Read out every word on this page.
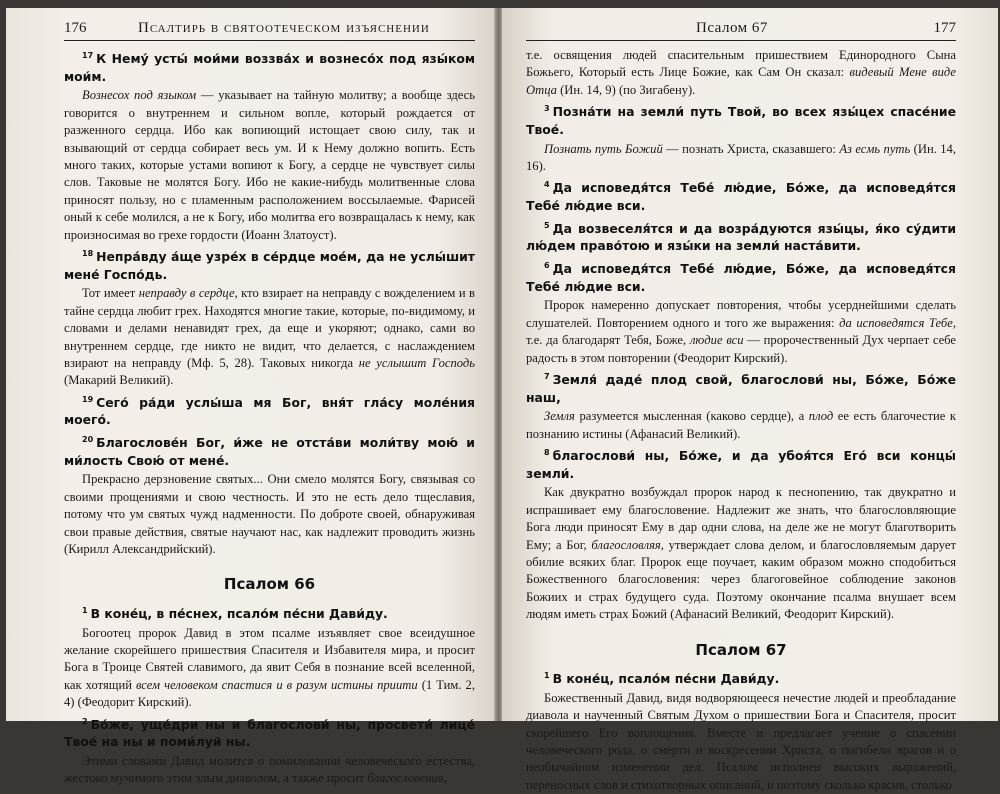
176	Псалтирь в святоотеческом изъяснении
$^{17}$ К Нему́ усты́ мои́ми воззва́х и вознесо́х под язы́ком мои́м.
Вознесох под языком — указывает на тайную молитву; а вообще здесь говорится о внутреннем и сильном вопле, который рождается от разженного сердца. Ибо как вопиющий истощает свою силу, так и взывающий от сердца собирает весь ум. И к Нему должно вопить. Есть много таких, которые устами вопиют к Богу, а сердце не чувствует силы слов. Таковые не молятся Богу. Ибо не какие-нибудь молитвенные слова приносят пользу, но с пламенным расположением воссылаемые. Фарисей оный к себе молился, а не к Богу, ибо молитва его возвращалась к нему, как произносимая во грехе гордости (Иоанн Златоуст).
$^{18}$ Непра́вду а́ще узре́х в се́рдце мое́м, да не услы́шит мене́ Госпо́дь.
Тот имеет неправду в сердце, кто взирает на неправду с вожделением и в тайне сердца любит грех. Находятся многие такие, которые, по-видимому, и словами и делами ненавидят грех, да еще и укоряют; однако, сами во внутреннем сердце, где никто не видит, что делается, с наслаждением взирают на неправду (Мф. 5, 28). Таковых никогда не услышит Господь (Макарий Великий).
$^{19}$ Сего́ ра́ди услы́ша мя Бог, вня́т гла́су моле́ния моего́.
$^{20}$ Благослове́н Бог, и́же не отста́ви моли́тву мою́ и ми́лость Свою́ от мене́.
Прекрасно дерзновение святых... Они смело молятся Богу, связывая со своими прощениями и свою честность. И это не есть дело тщеславия, потому что ум святых чужд надменности. По доброте своей, обнаруживая свои правые действия, святые научают нас, как надлежит проводить жизнь (Кирилл Александрийский).
Псалом 66
$^1$ В коне́ц, в пе́снех, псало́м пе́сни Дави́ду.
Богоотец пророк Давид в этом псалме изъявляет свое всеидушное желание скорейшего пришествия Спасителя и Избавителя мира, и просит Бога в Троице Святей славимого, да явит Себя в познание всей вселенной, как хотящий всем человеком спастися и в разум истины приити (1 Тим. 2, 4) (Феодорит Кирский).
$^2$ Бо́же, уще́дри ны и благослови́ ны, просвети́ лице́ Твое́ на ны и поми́луй ны.
Этими словами Давид молится о помиловании человеческого естества, жестоко мучимого этим злым диаволом, а также просит благословения,
Псалом 67	177
т.е. освящения людей спасительным пришествием Единородного Сына Божьего, Который есть Лице Божие, как Сам Он сказал: видевый Мене виде Отца (Ин. 14, 9) (по Зигабену).
$^3$ Позна́ти на земли́ путь Твой, во всех язы́цех спасе́ние Твое́.
Познать путь Божий — познать Христа, сказавшего: Аз есмь путь (Ин. 14, 16).
$^4$ Да исповедя́тся Тебе́ лю́дие, Бо́же, да исповедя́тся Тебе́ лю́дие вси.
$^5$ Да возвеселя́тся и да возра́дуются язы́цы, я́ко су́дити лю́дем право́тою и язы́ки на земли́ наста́вити.
$^6$ Да исповедя́тся Тебе́ лю́дие, Бо́же, да исповедя́тся Тебе́ лю́дие вси.
Пророк намеренно допускает повторения, чтобы усерднейшими сделать слушателей. Повторением одного и того же выражения: да исповедятся Тебе, т.е. да благодарят Тебя, Боже, людие вси — пророчественный Дух черпает себе радость в этом повторении (Феодорит Кирский).
$^7$ Земля́ даде́ плод свой, благослови́ ны, Бо́же, Бо́же наш,
Земля разумеется мысленная (каково сердце), а плод ее есть благочестие к познанию истины (Афанасий Великий).
$^8$ благослови́ ны, Бо́же, и да убоя́тся Его́ вси концы́ земли́.
Как двукратно возбуждал пророк народ к песнопению, так двукратно и испрашивает ему благословение. Надлежит же знать, что благословляющие Бога люди приносят Ему в дар одни слова, на деле же не могут благотворить Ему; а Бог, благословляя, утверждает слова делом, и благословляемым дарует обилие всяких благ. Пророк еще поучает, каким образом можно сподобиться Божественного благословения: через благоговейное соблюдение законов Божиих и страх будущего суда. Поэтому окончание псалма внушает всем людям иметь страх Божий (Афанасий Великий, Феодорит Кирский).
Псалом 67
$^1$ В коне́ц, псало́м пе́сни Дави́ду.
Божественный Давид, видя водворяющееся нечестие людей и преобладание диавола и наученный Святым Духом о пришествии Бога и Спасителя, просит скорейшего Его воплощения. Вместе и предлагает учение о спасении человеческого рода, о смерти и воскресении Христа, о погибели врагов и о необычайном изменении дел. Псалом исполнен высоких выражений, переносных слов и стихотворных описаний, и поэтому сколько красив, столько
